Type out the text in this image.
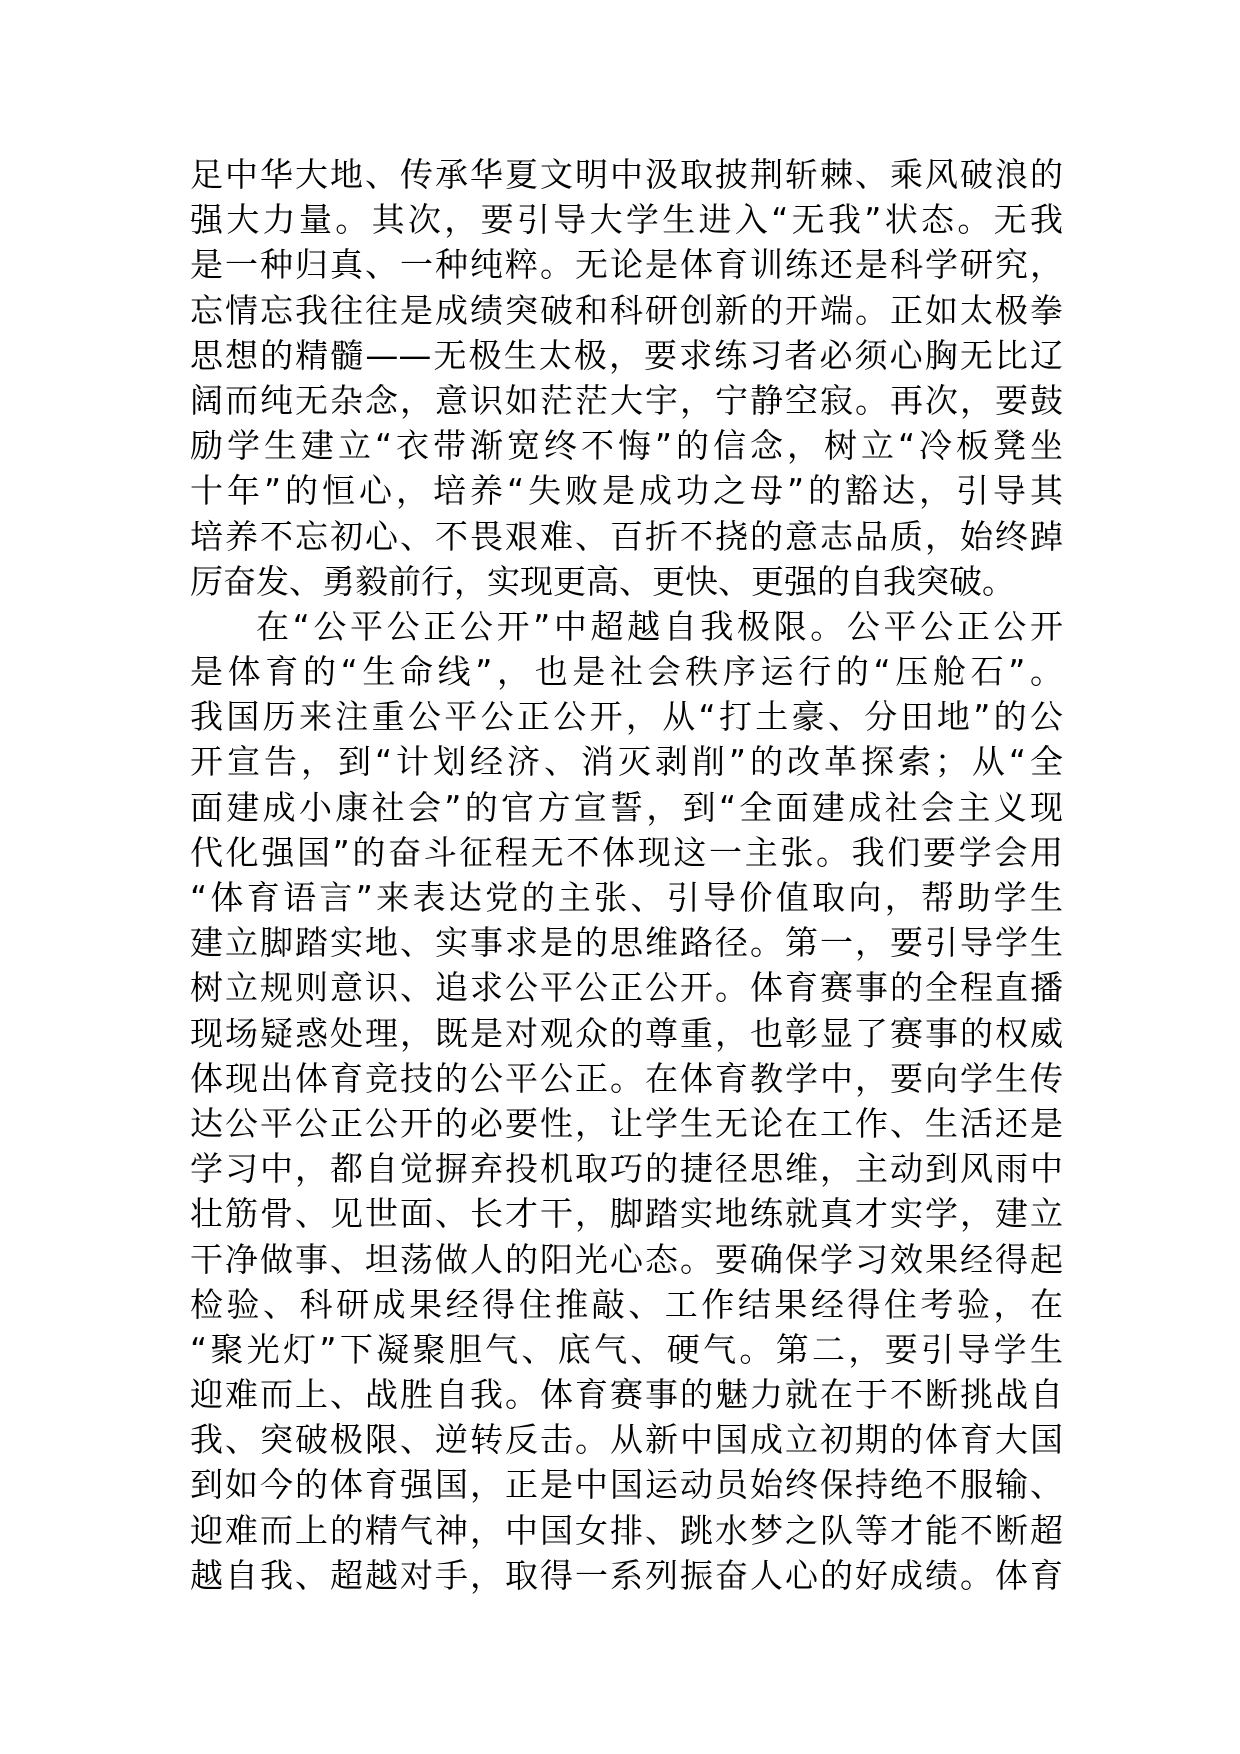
足中华大地、传承华夏文明中汲取披荆斩棘、乘风破浪的
强大力量。其次，要引导大学生进入“无我”状态。无我
是一种归真、一种纯粹。无论是体育训练还是科学研究，
忘情忘我往往是成绩突破和科研创新的开端。正如太极拳
思想的精髓——无极生太极，要求练习者必须心胸无比辽
阔而纯无杂念，意识如茫茫大宇，宁静空寂。再次，要鼓
励学生建立“衣带渐宽终不悔”的信念，树立“冷板凳坐
十年”的恒心，培养“失败是成功之母”的豁达，引导其
培养不忘初心、不畏艰难、百折不挠的意志品质，始终踔
厉奋发、勇毅前行，实现更高、更快、更强的自我突破。
在“公平公正公开”中超越自我极限。公平公正公开
是体育的“生命线”，也是社会秩序运行的“压舱石”。
我国历来注重公平公正公开，从“打土豪、分田地”的公
开宣告，到“计划经济、消灭剥削”的改革探索；从“全
面建成小康社会”的官方宣誓，到“全面建成社会主义现
代化强国”的奋斗征程无不体现这一主张。我们要学会用
“体育语言”来表达党的主张、引导价值取向，帮助学生
建立脚踏实地、实事求是的思维路径。第一，要引导学生
树立规则意识、追求公平公正公开。体育赛事的全程直播
现场疑惑处理，既是对观众的尊重，也彰显了赛事的权威
体现出体育竞技的公平公正。在体育教学中，要向学生传
达公平公正公开的必要性，让学生无论在工作、生活还是
学习中，都自觉摒弃投机取巧的捷径思维，主动到风雨中
壮筋骨、见世面、长才干，脚踏实地练就真才实学，建立
干净做事、坦荡做人的阳光心态。要确保学习效果经得起
检验、科研成果经得住推敲、工作结果经得住考验，在
“聚光灯”下凝聚胆气、底气、硬气。第二，要引导学生
迎难而上、战胜自我。体育赛事的魅力就在于不断挑战自
我、突破极限、逆转反击。从新中国成立初期的体育大国
到如今的体育强国，正是中国运动员始终保持绝不服输、
迎难而上的精气神，中国女排、跳水梦之队等才能不断超
越自我、超越对手，取得一系列振奋人心的好成绩。体育
